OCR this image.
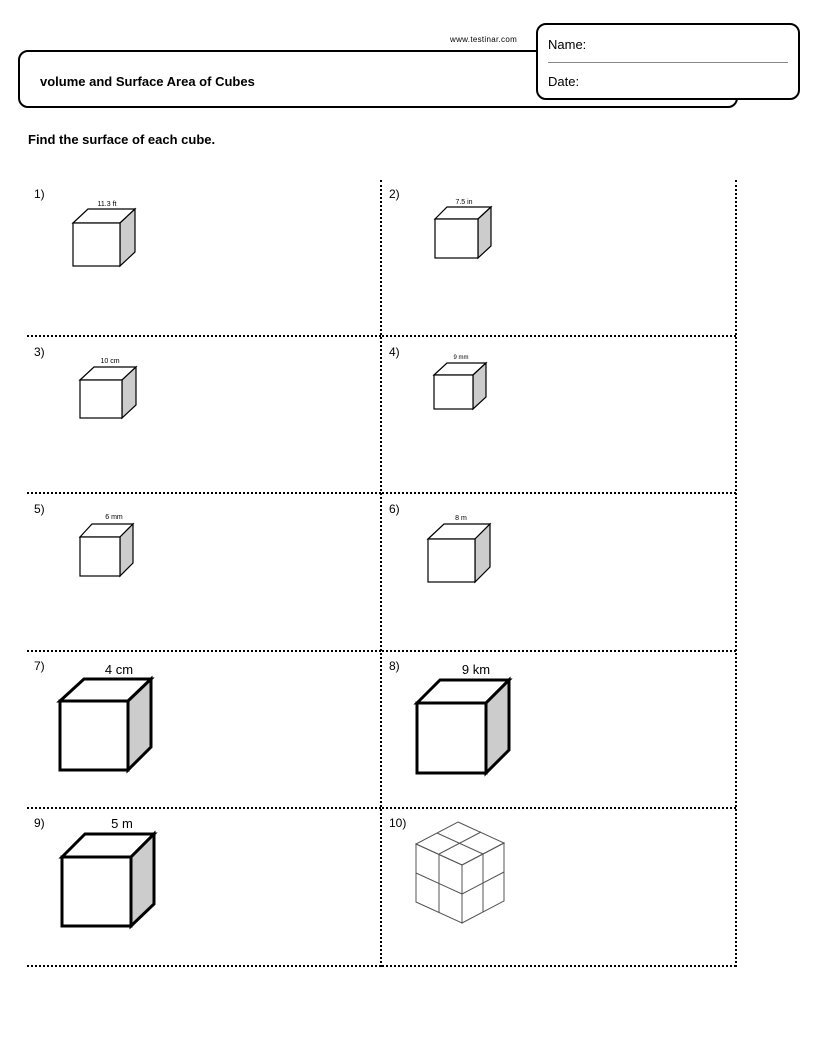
www.testinar.com
volume and Surface Area of Cubes
Name:
Date:
Find the surface of each cube.
1)
11.3 ft
2)
7.5 in
3)
10 cm
4)	9 mm
5)
6 mm
6)
8 m
7)	4 cm	8)	9 km
9)	5 m	10)
